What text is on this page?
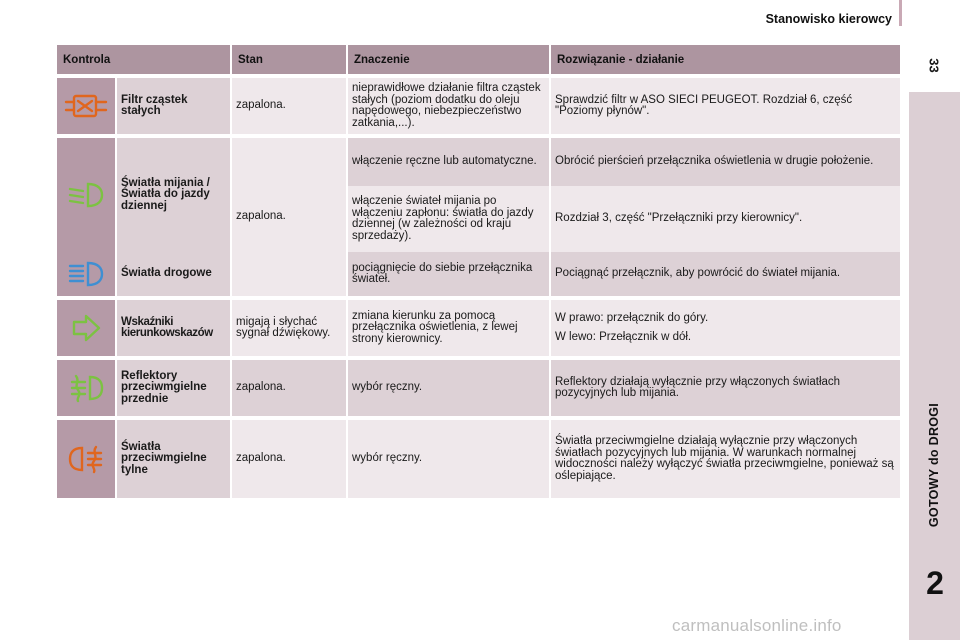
Stanowisko kierowcy
33
GOTOWY do DROGI
2
Kontrola		Stan	Znaczenie	Rozwiązanie - działanie

	Filtr cząstek stałych	zapalona.	nieprawidłowe działanie filtra cząstek stałych (poziom dodatku do oleju napędowego, niebezpieczeństwo zatkania,...).	Sprawdzić filtr w ASO SIECI PEUGEOT. Rozdział 6, część "Poziomy płynów".

	Światła mijania / Światła do jazdy dziennej	zapalona.	włączenie ręczne lub automatyczne.	Obrócić pierścień przełącznika oświetlenia w drugie położenie.
			włączenie świateł mijania po włączeniu zapłonu: światła do jazdy dziennej (w zależności od kraju sprzedaży).	Rozdział 3, część "Przełączniki przy kierownicy".
	Światła drogowe		pociągnięcie do siebie przełącznika świateł.	Pociągnąć przełącznik, aby powrócić do świateł mijania.

	Wskaźniki kierunkowskazów	migają i słychać sygnał dźwiękowy.	zmiana kierunku za pomocą przełącznika oświetlenia, z lewej strony kierownicy.	W prawo: przełącznik do góry.
W lewo: Przełącznik w dół.

	Reflektory przeciwmgielne przednie	zapalona.	wybór ręczny.	Reflektory działają wyłącznie przy włączonych światłach pozycyjnych lub mijania.

	Światła przeciwmgielne tylne	zapalona.	wybór ręczny.	Światła przeciwmgielne działają wyłącznie przy włączonych światłach pozycyjnych lub mijania. W warunkach normalnej widoczności należy wyłączyć światła przeciwmgielne, ponieważ są oślepiające.
carmanualsonline.info
